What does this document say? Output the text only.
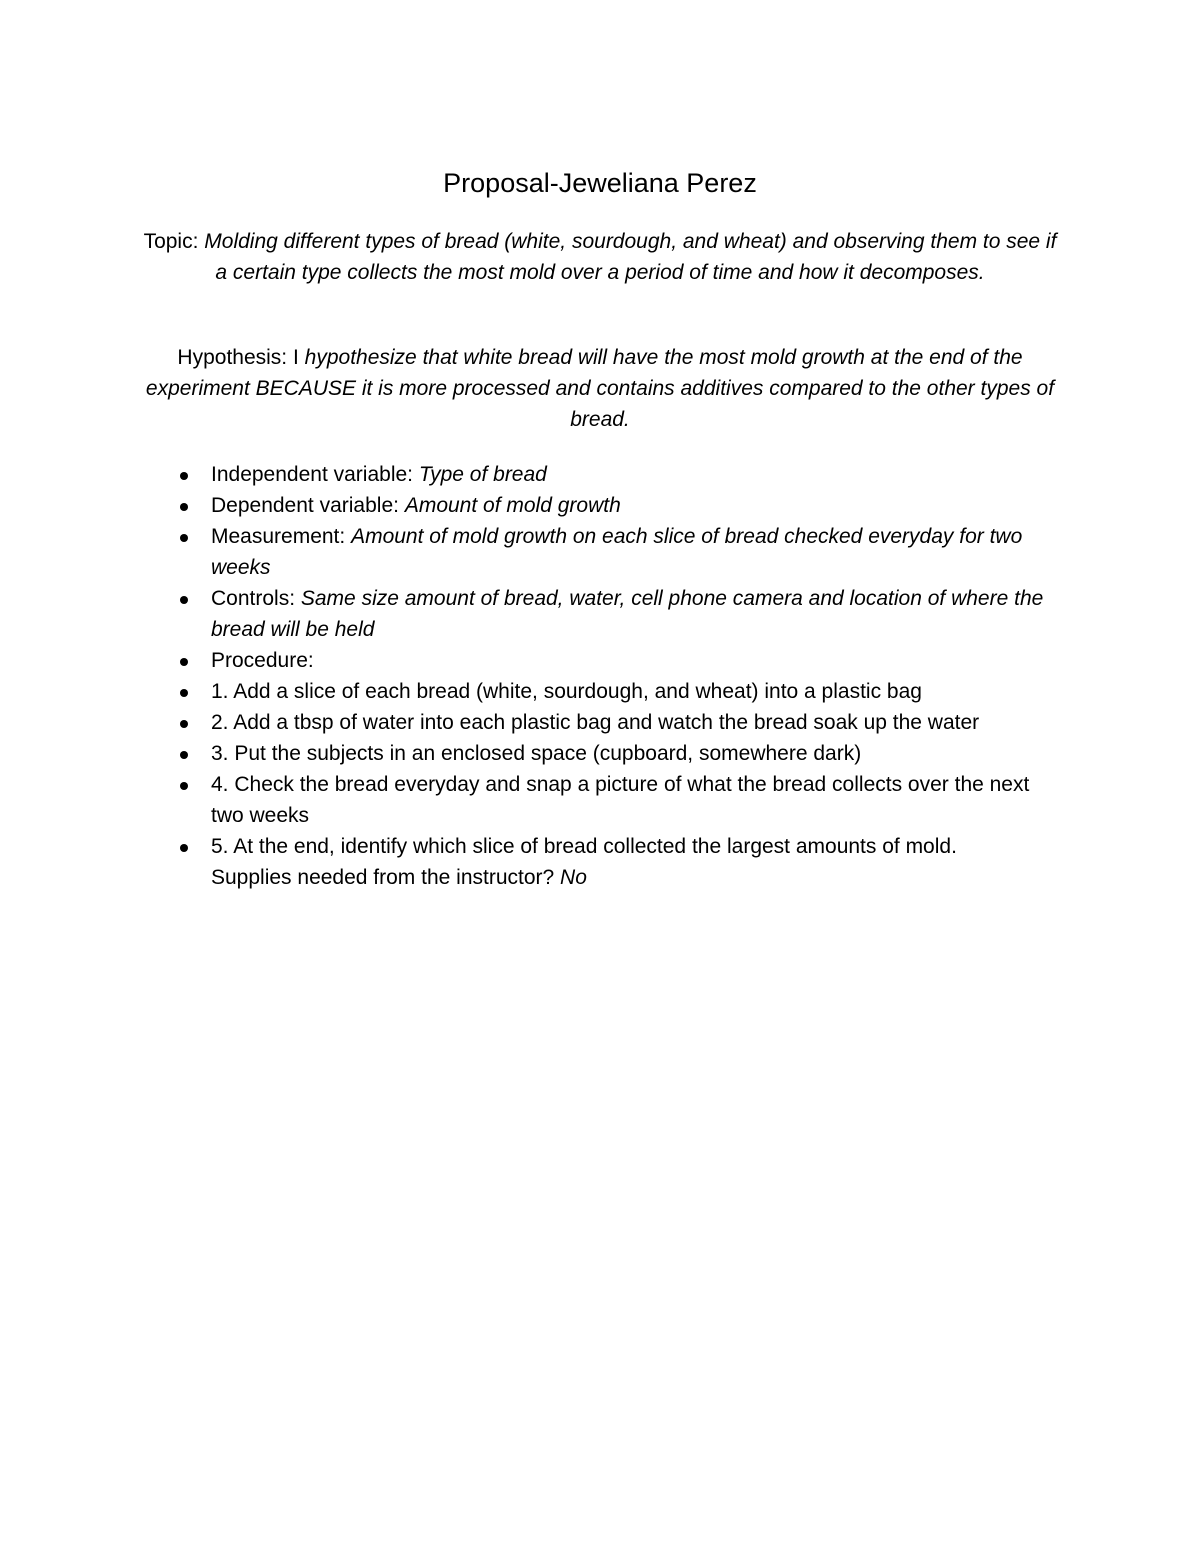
Proposal-Jeweliana Perez
Topic: Molding different types of bread (white, sourdough, and wheat) and observing them to see if a certain type collects the most mold over a period of time and how it decomposes.
Hypothesis: I hypothesize that white bread will have the most mold growth at the end of the experiment BECAUSE it is more processed and contains additives compared to the other types of bread.
Independent variable: Type of bread
Dependent variable: Amount of mold growth
Measurement: Amount of mold growth on each slice of bread checked everyday for two weeks
Controls: Same size amount of bread, water, cell phone camera and location of where the bread will be held
Procedure:
1. Add a slice of each bread (white, sourdough, and wheat) into a plastic bag
2. Add a tbsp of water into each plastic bag and watch the bread soak up the water
3. Put the subjects in an enclosed space (cupboard, somewhere dark)
4. Check the bread everyday and snap a picture of what the bread collects over the next two weeks
5. At the end, identify which slice of bread collected the largest amounts of mold.
Supplies needed from the instructor? No
